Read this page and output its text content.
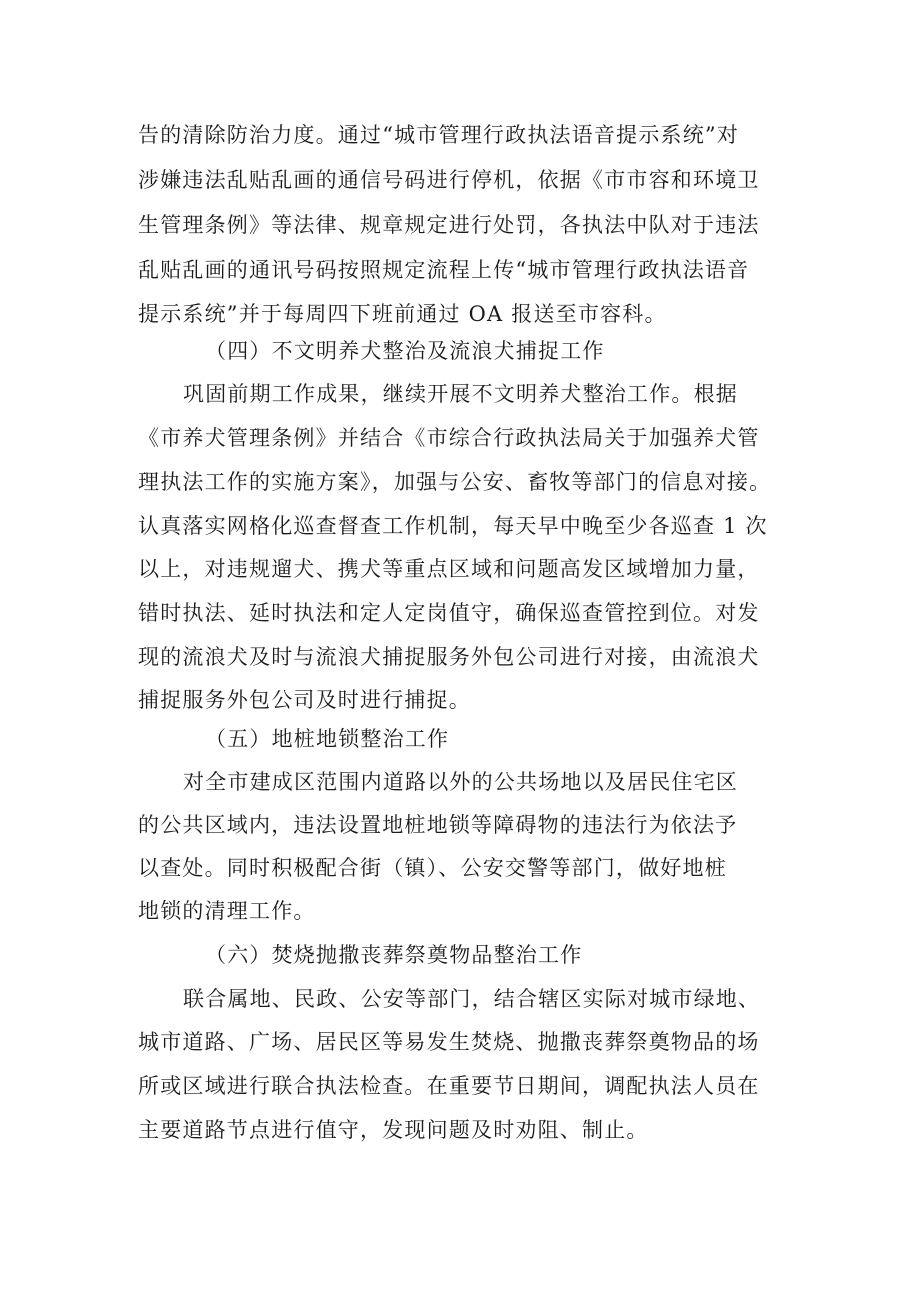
告的清除防治力度。通过“城市管理行政执法语音提示系统”对
涉嫌违法乱贴乱画的通信号码进行停机，依据《市市容和环境卫
生管理条例》等法律、规章规定进行处罚，各执法中队对于违法
乱贴乱画的通讯号码按照规定流程上传“城市管理行政执法语音
提示系统”并于每周四下班前通过 OA 报送至市容科。
（四）不文明养犬整治及流浪犬捕捉工作
巩固前期工作成果，继续开展不文明养犬整治工作。根据
《市养犬管理条例》并结合《市综合行政执法局关于加强养犬管
理执法工作的实施方案》，加强与公安、畜牧等部门的信息对接。
认真落实网格化巡查督查工作机制，每天早中晚至少各巡查 1 次
以上，对违规遛犬、携犬等重点区域和问题高发区域增加力量，
错时执法、延时执法和定人定岗值守，确保巡查管控到位。对发
现的流浪犬及时与流浪犬捕捉服务外包公司进行对接，由流浪犬
捕捉服务外包公司及时进行捕捉。
（五）地桩地锁整治工作
对全市建成区范围内道路以外的公共场地以及居民住宅区
的公共区域内，违法设置地桩地锁等障碍物的违法行为依法予
以查处。同时积极配合街（镇）、公安交警等部门，做好地桩
地锁的清理工作。
（六）焚烧抛撒丧葬祭奠物品整治工作
联合属地、民政、公安等部门，结合辖区实际对城市绿地、
城市道路、广场、居民区等易发生焚烧、抛撒丧葬祭奠物品的场
所或区域进行联合执法检查。在重要节日期间，调配执法人员在
主要道路节点进行值守，发现问题及时劝阻、制止。
